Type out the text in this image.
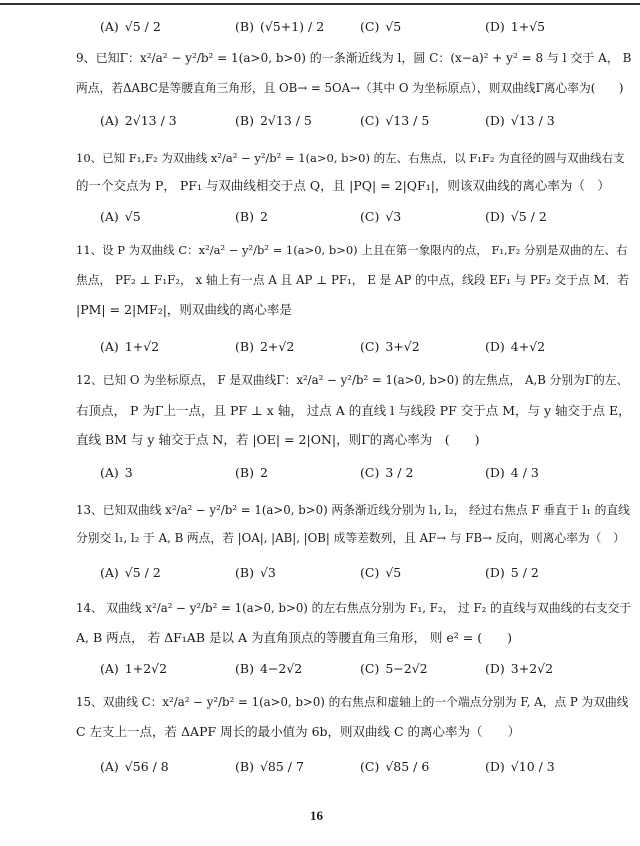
(A) √5 / 2	(B) (√5+1) / 2	(C) √5	(D) 1+√5
9、已知Γ：x²/a² − y²/b² = 1(a>0, b>0) 的一条渐近线为 l，圆 C：(x−a)² + y² = 8 与 l 交于 A， B
两点，若ΔABC是等腰直角三角形，且 OB→ = 5OA→（其中 O 为坐标原点），则双曲线Γ离心率为(　　)
(A) 2√13 / 3	(B) 2√13 / 5	(C) √13 / 5	(D) √13 / 3
10、已知 F₁,F₂ 为双曲线 x²/a² − y²/b² = 1(a>0, b>0) 的左、右焦点，以 F₁F₂ 为直径的圆与双曲线右支
的一个交点为 P， PF₁ 与双曲线相交于点 Q，且 |PQ| = 2|QF₁|，则该双曲线的离心率为（　）
(A) √5	(B) 2	(C) √3	(D) √5 / 2
11、设 P 为双曲线 C：x²/a² − y²/b² = 1(a>0, b>0) 上且在第一象限内的点， F₁,F₂ 分别是双曲的左、右
焦点， PF₂ ⊥ F₁F₂， x 轴上有一点 A 且 AP ⊥ PF₁， E 是 AP 的中点，线段 EF₁ 与 PF₂ 交于点 M．若
|PM| = 2|MF₂|，则双曲线的离心率是
(A) 1+√2	(B) 2+√2	(C) 3+√2	(D) 4+√2
12、已知 O 为坐标原点， F 是双曲线Γ：x²/a² − y²/b² = 1(a>0, b>0) 的左焦点， A,B 分别为Γ的左、
右顶点， P 为Γ上一点，且 PF ⊥ x 轴， 过点 A 的直线 l 与线段 PF 交于点 M，与 y 轴交于点 E，
直线 BM 与 y 轴交于点 N，若 |OE| = 2|ON|，则Γ的离心率为　(　　)
(A) 3	(B) 2	(C) 3 / 2	(D) 4 / 3
13、已知双曲线 x²/a² − y²/b² = 1(a>0, b>0) 两条渐近线分别为 l₁, l₂， 经过右焦点 F 垂直于 l₁ 的直线
分别交 l₁, l₂ 于 A, B 两点，若 |OA|, |AB|, |OB| 成等差数列，且 AF→ 与 FB→ 反向，则离心率为（　）
(A) √5 / 2	(B) √3	(C) √5	(D) 5 / 2
14、 双曲线 x²/a² − y²/b² = 1(a>0, b>0) 的左右焦点分别为 F₁, F₂， 过 F₂ 的直线与双曲线的右支交于
A, B 两点， 若 ΔF₁AB 是以 A 为直角顶点的等腰直角三角形， 则 e² = (　　)
(A) 1+2√2	(B) 4−2√2	(C) 5−2√2	(D) 3+2√2
15、双曲线 C：x²/a² − y²/b² = 1(a>0, b>0) 的右焦点和虚轴上的一个端点分别为 F, A，点 P 为双曲线
C 左支上一点，若 ΔAPF 周长的最小值为 6b，则双曲线 C 的离心率为（　　）
(A) √56 / 8	(B) √85 / 7	(C) √85 / 6	(D) √10 / 3
16
